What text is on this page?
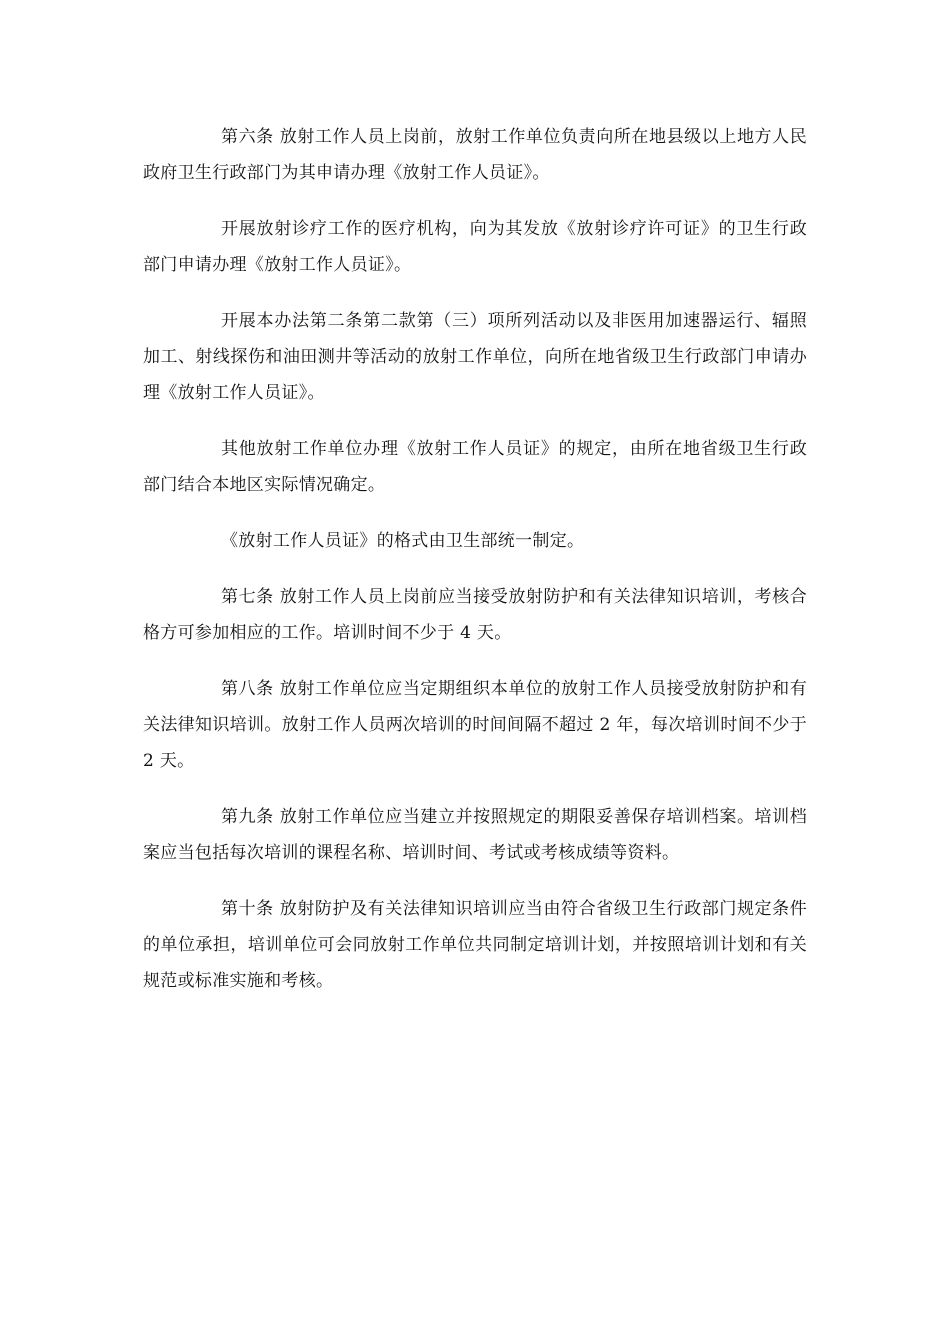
第六条 放射工作人员上岗前，放射工作单位负责向所在地县级以上地方人民政府卫生行政部门为其申请办理《放射工作人员证》。

开展放射诊疗工作的医疗机构，向为其发放《放射诊疗许可证》的卫生行政部门申请办理《放射工作人员证》。

开展本办法第二条第二款第（三）项所列活动以及非医用加速器运行、辐照加工、射线探伤和油田测井等活动的放射工作单位，向所在地省级卫生行政部门申请办理《放射工作人员证》。

其他放射工作单位办理《放射工作人员证》的规定，由所在地省级卫生行政部门结合本地区实际情况确定。

《放射工作人员证》的格式由卫生部统一制定。

第七条 放射工作人员上岗前应当接受放射防护和有关法律知识培训，考核合格方可参加相应的工作。培训时间不少于 4 天。

第八条 放射工作单位应当定期组织本单位的放射工作人员接受放射防护和有关法律知识培训。放射工作人员两次培训的时间间隔不超过 2 年，每次培训时间不少于 2 天。

第九条 放射工作单位应当建立并按照规定的期限妥善保存培训档案。培训档案应当包括每次培训的课程名称、培训时间、考试或考核成绩等资料。

第十条 放射防护及有关法律知识培训应当由符合省级卫生行政部门规定条件的单位承担，培训单位可会同放射工作单位共同制定培训计划，并按照培训计划和有关规范或标准实施和考核。
